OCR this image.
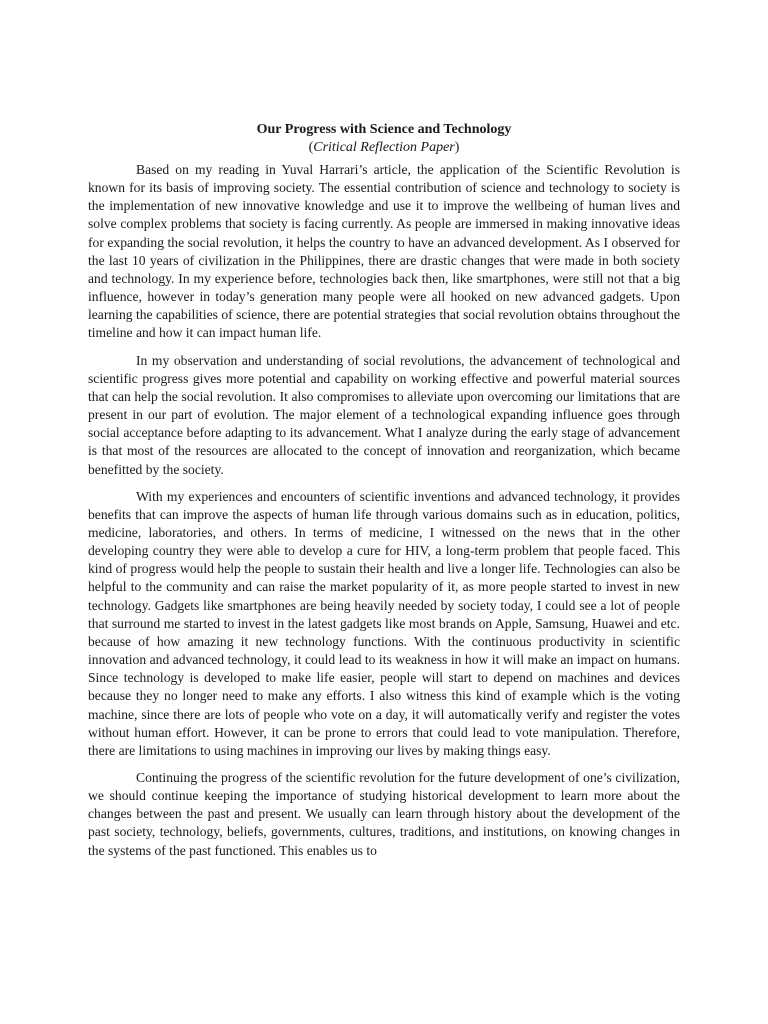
Our Progress with Science and Technology

(Critical Reflection Paper)

Based on my reading in Yuval Harrari’s article, the application of the Scientific Revolution is known for its basis of improving society. The essential contribution of science and technology to society is the implementation of new innovative knowledge and use it to improve the wellbeing of human lives and solve complex problems that society is facing currently. As people are immersed in making innovative ideas for expanding the social revolution, it helps the country to have an advanced development. As I observed for the last 10 years of civilization in the Philippines, there are drastic changes that were made in both society and technology. In my experience before, technologies back then, like smartphones, were still not that a big influence, however in today’s generation many people were all hooked on new advanced gadgets. Upon learning the capabilities of science, there are potential strategies that social revolution obtains throughout the timeline and how it can impact human life.

In my observation and understanding of social revolutions, the advancement of technological and scientific progress gives more potential and capability on working effective and powerful material sources that can help the social revolution. It also compromises to alleviate upon overcoming our limitations that are present in our part of evolution. The major element of a technological expanding influence goes through social acceptance before adapting to its advancement. What I analyze during the early stage of advancement is that most of the resources are allocated to the concept of innovation and reorganization, which became benefitted by the society.

With my experiences and encounters of scientific inventions and advanced technology, it provides benefits that can improve the aspects of human life through various domains such as in education, politics, medicine, laboratories, and others. In terms of medicine, I witnessed on the news that in the other developing country they were able to develop a cure for HIV, a long-term problem that people faced. This kind of progress would help the people to sustain their health and live a longer life. Technologies can also be helpful to the community and can raise the market popularity of it, as more people started to invest in new technology. Gadgets like smartphones are being heavily needed by society today, I could see a lot of people that surround me started to invest in the latest gadgets like most brands on Apple, Samsung, Huawei and etc. because of how amazing it new technology functions. With the continuous productivity in scientific innovation and advanced technology, it could lead to its weakness in how it will make an impact on humans. Since technology is developed to make life easier, people will start to depend on machines and devices because they no longer need to make any efforts. I also witness this kind of example which is the voting machine, since there are lots of people who vote on a day, it will automatically verify and register the votes without human effort. However, it can be prone to errors that could lead to vote manipulation. Therefore, there are limitations to using machines in improving our lives by making things easy.

Continuing the progress of the scientific revolution for the future development of one’s civilization, we should continue keeping the importance of studying historical development to learn more about the changes between the past and present. We usually can learn through history about the development of the past society, technology, beliefs, governments, cultures, traditions, and institutions, on knowing changes in the systems of the past functioned. This enables us to
